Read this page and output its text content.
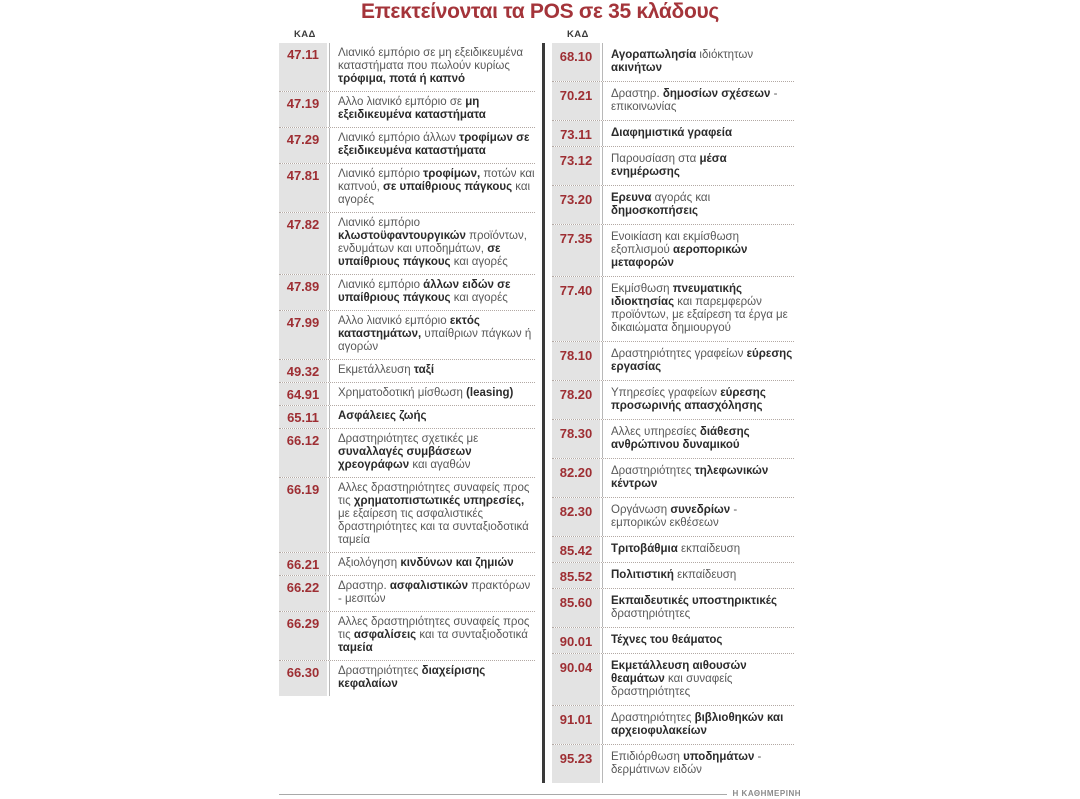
Επεκτείνονται τα POS σε 35 κλάδους
ΚΑΔ
47.11	Λιανικό εμπόριο σε μη εξειδικευμένα καταστήματα που πωλούν κυρίως τρόφιμα, ποτά ή καπνό
47.19	Αλλο λιανικό εμπόριο σε μη εξειδικευμένα καταστήματα
47.29	Λιανικό εμπόριο άλλων τροφίμων σε εξειδικευμένα καταστήματα
47.81	Λιανικό εμπόριο τροφίμων, ποτών και καπνού, σε υπαίθριους πάγκους και αγορές
47.82	Λιανικό εμπόριο κλωστοϋφαντουργικών προϊόντων, ενδυμάτων και υποδημάτων, σε υπαίθριους πάγκους και αγορές
47.89	Λιανικό εμπόριο άλλων ειδών σε υπαίθριους πάγκους και αγορές
47.99	Αλλο λιανικό εμπόριο εκτός καταστημάτων, υπαίθριων πάγκων ή αγορών
49.32	Εκμετάλλευση ταξί
64.91	Χρηματοδοτική μίσθωση (leasing)
65.11	Ασφάλειες ζωής
66.12	Δραστηριότητες σχετικές με συναλλαγές συμβάσεων χρεογράφων και αγαθών
66.19	Αλλες δραστηριότητες συναφείς προς τις χρηματοπιστωτικές υπηρεσίες, με εξαίρεση τις ασφαλιστικές δραστηριότητες και τα συνταξιοδοτικά ταμεία
66.21	Αξιολόγηση κινδύνων και ζημιών
66.22	Δραστηρ. ασφαλιστικών πρακτόρων - μεσιτών
66.29	Αλλες δραστηριότητες συναφείς προς τις ασφαλίσεις και τα συνταξιοδοτικά ταμεία
66.30	Δραστηριότητες διαχείρισης κεφαλαίων
ΚΑΔ
68.10	Αγοραπωλησία ιδιόκτητων ακινήτων
70.21	Δραστηρ. δημοσίων σχέσεων - επικοινωνίας
73.11	Διαφημιστικά γραφεία
73.12	Παρουσίαση στα μέσα ενημέρωσης
73.20	Ερευνα αγοράς και δημοσκοπήσεις
77.35	Ενοικίαση και εκμίσθωση εξοπλισμού αεροπορικών μεταφορών
77.40	Εκμίσθωση πνευματικής ιδιοκτησίας και παρεμφερών προϊόντων, με εξαίρεση τα έργα με δικαιώματα δημιουργού
78.10	Δραστηριότητες γραφείων εύρεσης εργασίας
78.20	Υπηρεσίες γραφείων εύρεσης προσωρινής απασχόλησης
78.30	Αλλες υπηρεσίες διάθεσης ανθρώπινου δυναμικού
82.20	Δραστηριότητες τηλεφωνικών κέντρων
82.30	Οργάνωση συνεδρίων - εμπορικών εκθέσεων
85.42	Τριτοβάθμια εκπαίδευση
85.52	Πολιτιστική εκπαίδευση
85.60	Εκπαιδευτικές υποστηρικτικές δραστηριότητες
90.01	Τέχνες του θεάματος
90.04	Εκμετάλλευση αιθουσών θεαμάτων και συναφείς δραστηριότητες
91.01	Δραστηριότητες βιβλιοθηκών και αρχειοφυλακείων
95.23	Επιδιόρθωση υποδημάτων - δερμάτινων ειδών
Η ΚΑΘΗΜΕΡΙΝΗ
